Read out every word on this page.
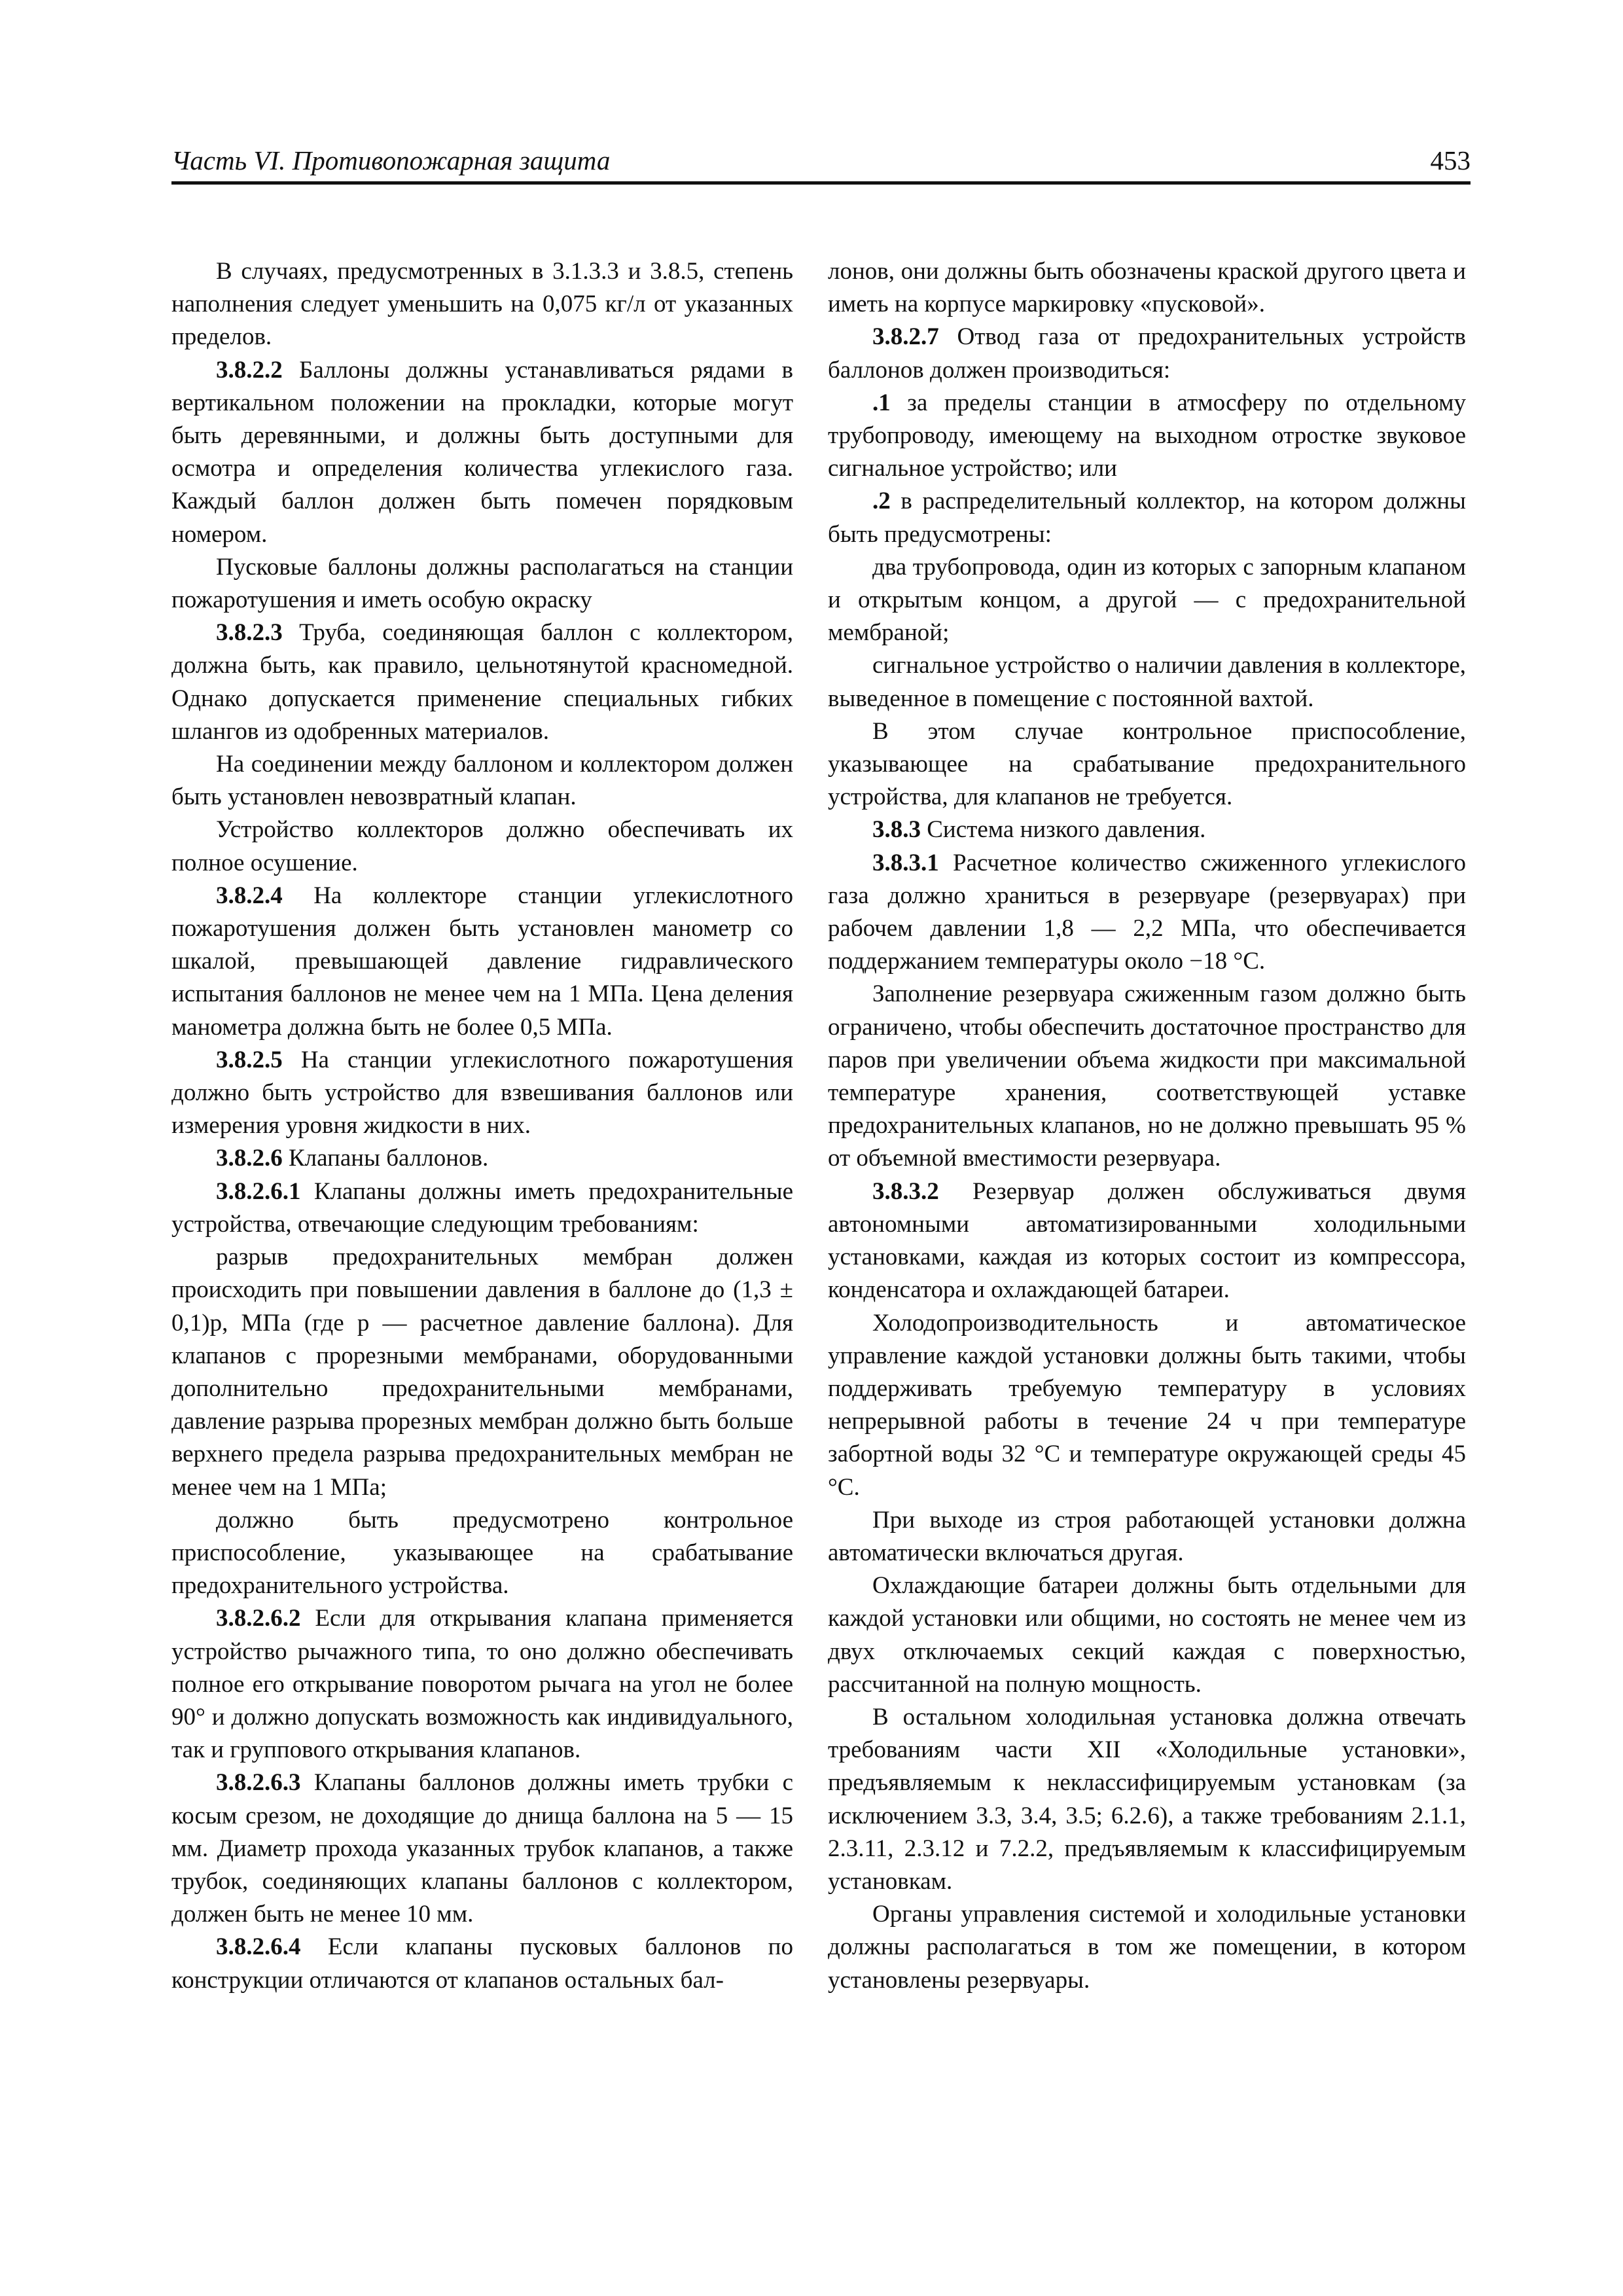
Часть VI. Противопожарная защита	453

В случаях, предусмотренных в 3.1.3.3 и 3.8.5, степень наполнения следует уменьшить на 0,075 кг/л от указанных пределов.

3.8.2.2 Баллоны должны устанавливаться рядами в вертикальном положении на прокладки, которые могут быть деревянными, и должны быть доступными для осмотра и определения количества углекислого газа. Каждый баллон должен быть помечен порядковым номером.

Пусковые баллоны должны располагаться на станции пожаротушения и иметь особую окраску

3.8.2.3 Труба, соединяющая баллон с коллектором, должна быть, как правило, цельнотянутой красномедной. Однако допускается применение специальных гибких шлангов из одобренных материалов.

На соединении между баллоном и коллектором должен быть установлен невозвратный клапан.

Устройство коллекторов должно обеспечивать их полное осушение.

3.8.2.4 На коллекторе станции углекислотного пожаротушения должен быть установлен манометр со шкалой, превышающей давление гидравлического испытания баллонов не менее чем на 1 МПа. Цена деления манометра должна быть не более 0,5 МПа.

3.8.2.5 На станции углекислотного пожаротушения должно быть устройство для взвешивания баллонов или измерения уровня жидкости в них.

3.8.2.6 Клапаны баллонов.

3.8.2.6.1 Клапаны должны иметь предохранительные устройства, отвечающие следующим требованиям:

разрыв предохранительных мембран должен происходить при повышении давления в баллоне до (1,3 ± 0,1)p, МПа (где p — расчетное давление баллона). Для клапанов с прорезными мембранами, оборудованными дополнительно предохранительными мембранами, давление разрыва прорезных мембран должно быть больше верхнего предела разрыва предохранительных мембран не менее чем на 1 МПа;

должно быть предусмотрено контрольное приспособление, указывающее на срабатывание предохранительного устройства.

3.8.2.6.2 Если для открывания клапана применяется устройство рычажного типа, то оно должно обеспечивать полное его открывание поворотом рычага на угол не более 90° и должно допускать возможность как индивидуального, так и группового открывания клапанов.

3.8.2.6.3 Клапаны баллонов должны иметь трубки с косым срезом, не доходящие до днища баллона на 5 — 15 мм. Диаметр прохода указанных трубок клапанов, а также трубок, соединяющих клапаны баллонов с коллектором, должен быть не менее 10 мм.

3.8.2.6.4 Если клапаны пусковых баллонов по конструкции отличаются от клапанов остальных бал-

лонов, они должны быть обозначены краской другого цвета и иметь на корпусе маркировку «пусковой».

3.8.2.7 Отвод газа от предохранительных устройств баллонов должен производиться:

.1 за пределы станции в атмосферу по отдельному трубопроводу, имеющему на выходном отростке звуковое сигнальное устройство; или

.2 в распределительный коллектор, на котором должны быть предусмотрены:

два трубопровода, один из которых с запорным клапаном и открытым концом, а другой — с предохранительной мембраной;

сигнальное устройство о наличии давления в коллекторе, выведенное в помещение с постоянной вахтой.

В этом случае контрольное приспособление, указывающее на срабатывание предохранительного устройства, для клапанов не требуется.

3.8.3 Система низкого давления.

3.8.3.1 Расчетное количество сжиженного углекислого газа должно храниться в резервуаре (резервуарах) при рабочем давлении 1,8 — 2,2 МПа, что обеспечивается поддержанием температуры около −18 °С.

Заполнение резервуара сжиженным газом должно быть ограничено, чтобы обеспечить достаточное пространство для паров при увеличении объема жидкости при максимальной температуре хранения, соответствующей уставке предохранительных клапанов, но не должно превышать 95 % от объемной вместимости резервуара.

3.8.3.2 Резервуар должен обслуживаться двумя автономными автоматизированными холодильными установками, каждая из которых состоит из компрессора, конденсатора и охлаждающей батареи.

Холодопроизводительность и автоматическое управление каждой установки должны быть такими, чтобы поддерживать требуемую температуру в условиях непрерывной работы в течение 24 ч при температуре забортной воды 32 °С и температуре окружающей среды 45 °С.

При выходе из строя работающей установки должна автоматически включаться другая.

Охлаждающие батареи должны быть отдельными для каждой установки или общими, но состоять не менее чем из двух отключаемых секций каждая с поверхностью, рассчитанной на полную мощность.

В остальном холодильная установка должна отвечать требованиям части XII «Холодильные установки», предъявляемым к неклассифицируемым установкам (за исключением 3.3, 3.4, 3.5; 6.2.6), а также требованиям 2.1.1, 2.3.11, 2.3.12 и 7.2.2, предъявляемым к классифицируемым установкам.

Органы управления системой и холодильные установки должны располагаться в том же помещении, в котором установлены резервуары.
